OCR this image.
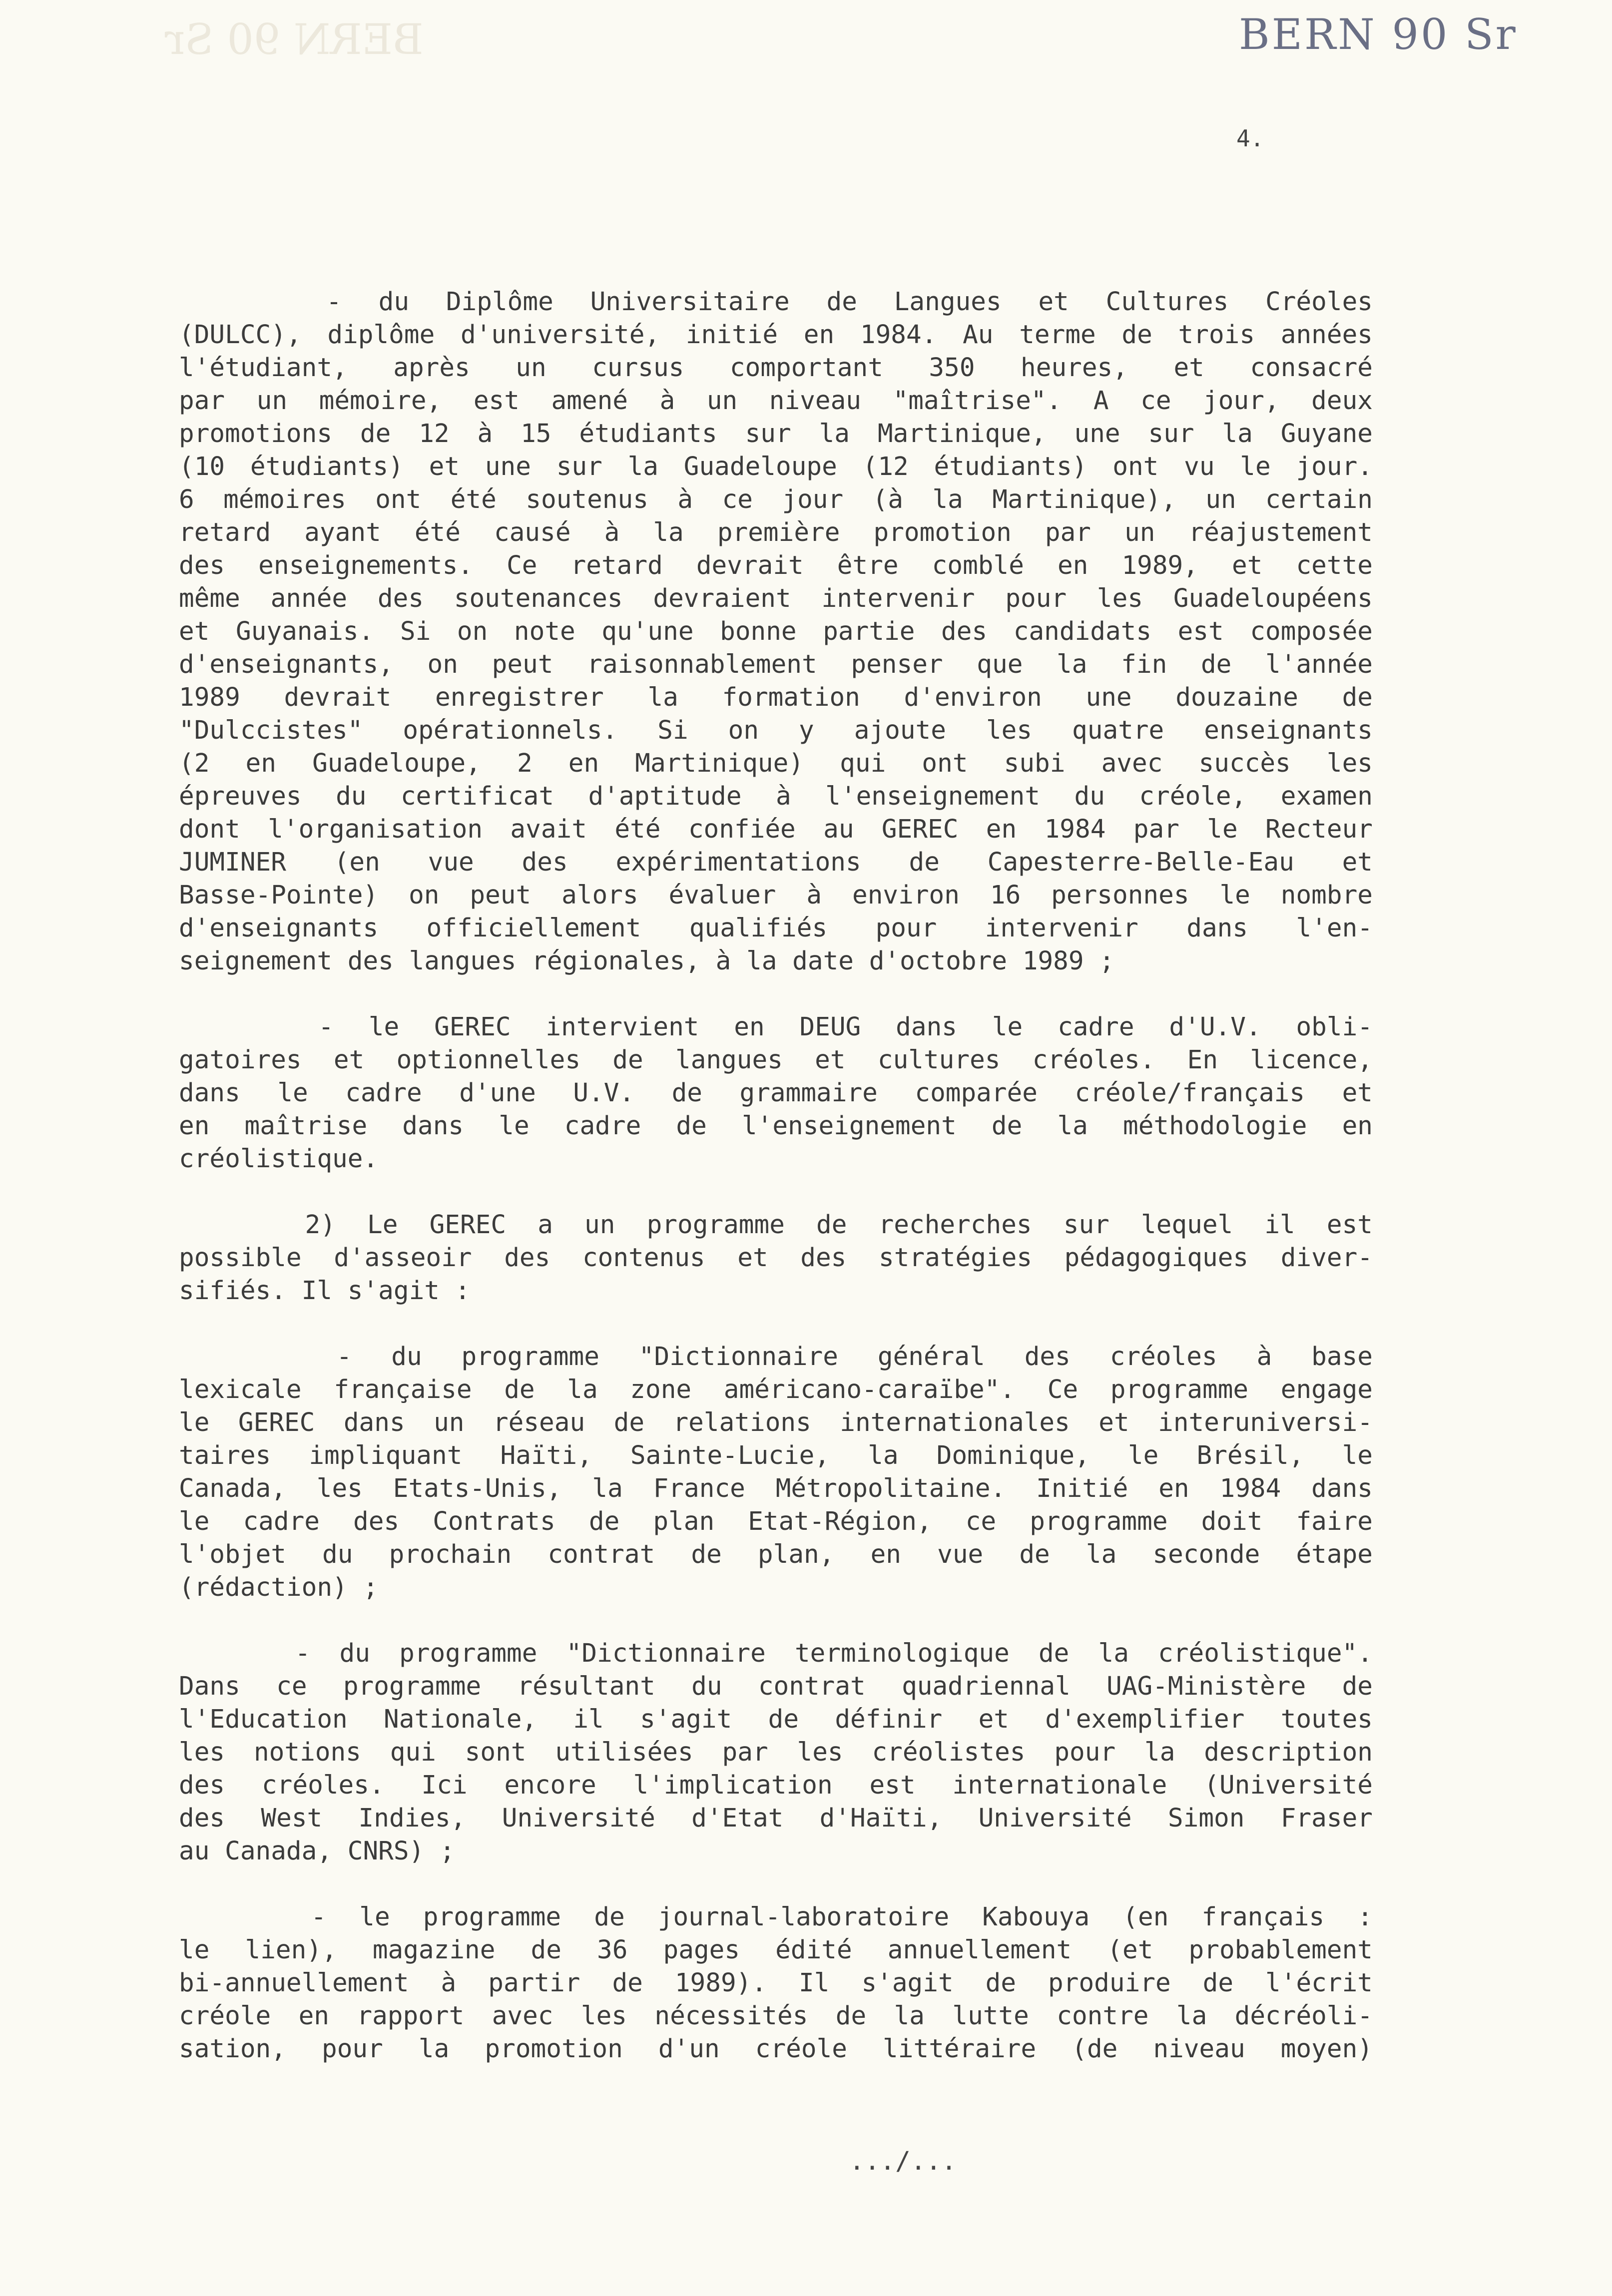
BERN 90 Sr	BERN 90 Sr
4.
- du Diplôme Universitaire de Langues et Cultures Créoles
(DULCC), diplôme d'université, initié en 1984. Au terme de trois années
l'étudiant, après un cursus comportant 350 heures, et consacré
par un mémoire, est amené à un niveau "maîtrise". A ce jour, deux
promotions de 12 à 15 étudiants sur la Martinique, une sur la Guyane
(10 étudiants) et une sur la Guadeloupe (12 étudiants) ont vu le jour.
6 mémoires ont été soutenus à ce jour (à la Martinique), un certain
retard ayant été causé à la première promotion par un réajustement
des enseignements. Ce retard devrait être comblé en 1989, et cette
même année des soutenances devraient intervenir pour les Guadeloupéens
et Guyanais. Si on note qu'une bonne partie des candidats est composée
d'enseignants, on peut raisonnablement penser que la fin de l'année
1989 devrait enregistrer la formation d'environ une douzaine de
"Dulccistes" opérationnels. Si on y ajoute les quatre enseignants
(2 en Guadeloupe, 2 en Martinique) qui ont subi avec succès les
épreuves du certificat d'aptitude à l'enseignement du créole, examen
dont l'organisation avait été confiée au GEREC en 1984 par le Recteur
JUMINER (en vue des expérimentations de Capesterre-Belle-Eau et
Basse-Pointe) on peut alors évaluer à environ 16 personnes le nombre
d'enseignants officiellement qualifiés pour intervenir dans l'en-
seignement des langues régionales, à la date d'octobre 1989 ;
- le GEREC intervient en DEUG dans le cadre d'U.V. obli-
gatoires et optionnelles de langues et cultures créoles. En licence,
dans le cadre d'une U.V. de grammaire comparée créole/français et
en maîtrise dans le cadre de l'enseignement de la méthodologie en
créolistique.
2) Le GEREC a un programme de recherches sur lequel il est
possible d'asseoir des contenus et des stratégies pédagogiques diver-
sifiés. Il s'agit :
- du programme "Dictionnaire général des créoles à base
lexicale française de la zone américano-caraïbe". Ce programme engage
le GEREC dans un réseau de relations internationales et interuniversi-
taires impliquant Haïti, Sainte-Lucie, la Dominique, le Brésil, le
Canada, les Etats-Unis, la France Métropolitaine. Initié en 1984 dans
le cadre des Contrats de plan Etat-Région, ce programme doit faire
l'objet du prochain contrat de plan, en vue de la seconde étape
(rédaction) ;
- du programme "Dictionnaire terminologique de la créolistique".
Dans ce programme résultant du contrat quadriennal UAG-Ministère de
l'Education Nationale, il s'agit de définir et d'exemplifier toutes
les notions qui sont utilisées par les créolistes pour la description
des créoles. Ici encore l'implication est internationale (Université
des West Indies, Université d'Etat d'Haïti, Université Simon Fraser
au Canada, CNRS) ;
- le programme de journal-laboratoire Kabouya (en français :
le lien), magazine de 36 pages édité annuellement (et probablement
bi-annuellement à partir de 1989). Il s'agit de produire de l'écrit
créole en rapport avec les nécessités de la lutte contre la décréoli-
sation, pour la promotion d'un créole littéraire (de niveau moyen)
.../...
